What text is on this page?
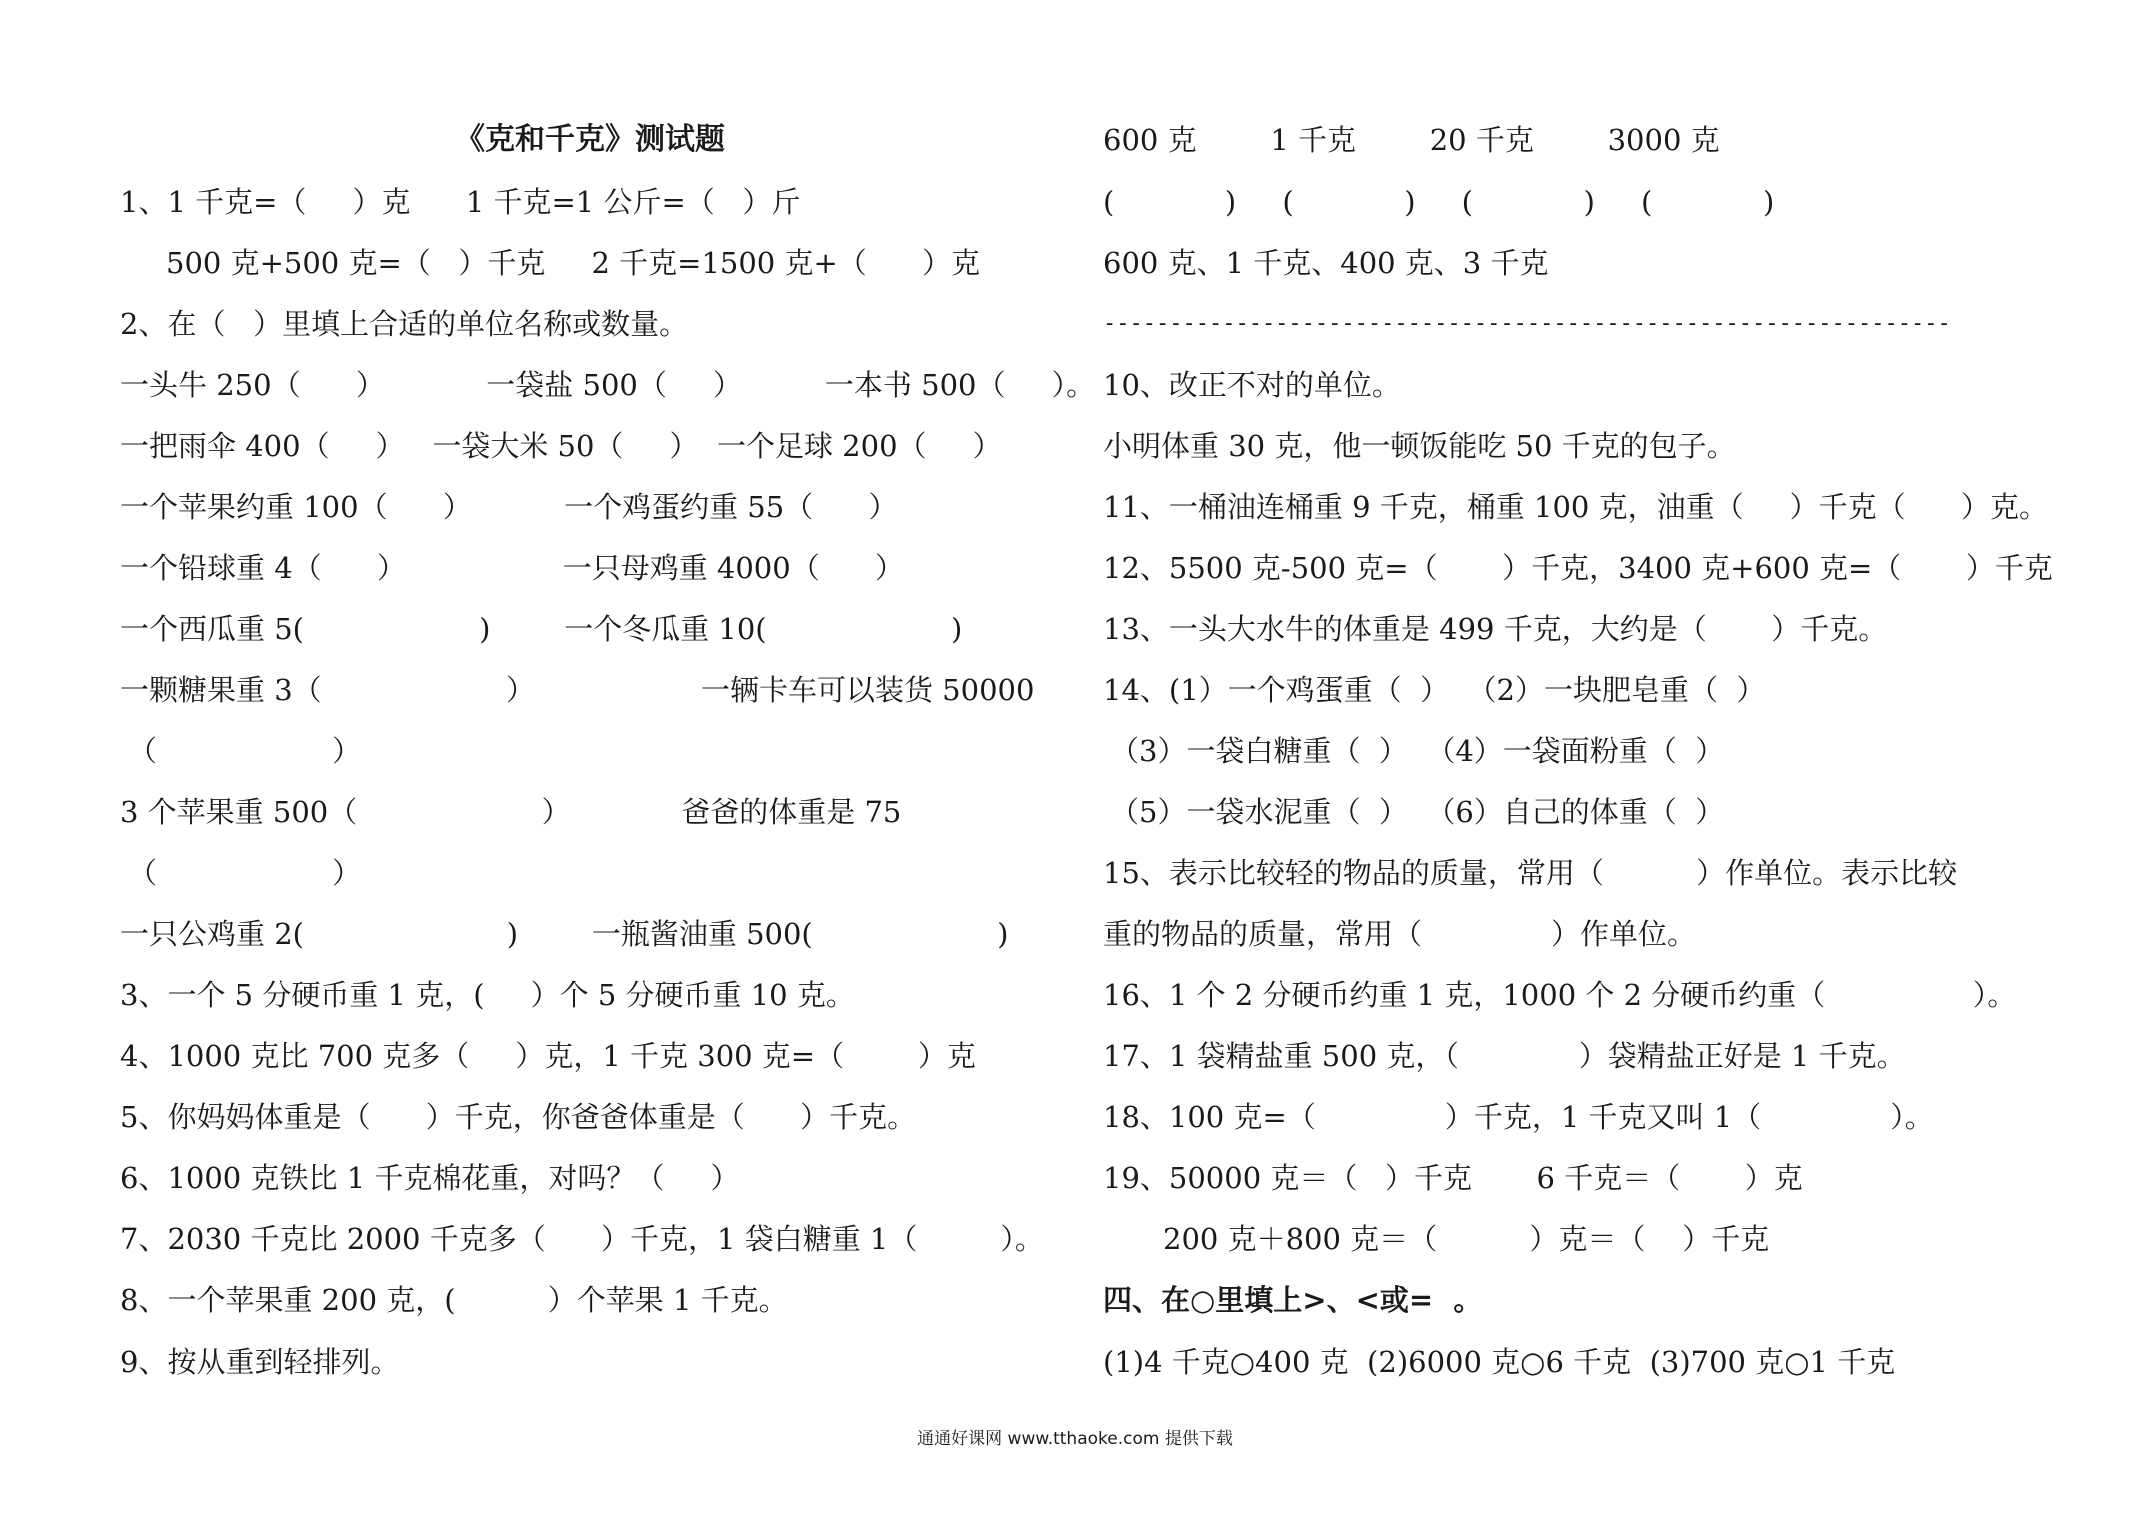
《克和千克》测试题
1、1 千克=（     ）克      1 千克=1 公斤=（   ）斤
500 克+500 克=（   ）千克     2 千克=1500 克+（      ）克
2、在（   ）里填上合适的单位名称或数量。
一头牛 250（      ）           一袋盐 500（     ）         一本书 500（     ）。
一把雨伞 400（     ）   一袋大米 50（     ）  一个足球 200（     ）
一个苹果约重 100（      ）          一个鸡蛋约重 55（      ）
一个铅球重 4（      ）                 一只母鸡重 4000（      ）
一个西瓜重 5(                   )        一个冬瓜重 10(                    )
一颗糖果重 3（                    ）                  一辆卡车可以装货 50000
（                   ）
3 个苹果重 500（                    ）            爸爸的体重是 75
（                   ）
一只公鸡重 2(                      )        一瓶酱油重 500(                    )
3、一个 5 分硬币重 1 克，(     ）个 5 分硬币重 10 克。
4、1000 克比 700 克多（     ）克，1 千克 300 克=（        ）克
5、你妈妈体重是（      ）千克，你爸爸体重是（      ）千克。
6、1000 克铁比 1 千克棉花重，对吗？（     ）
7、2030 千克比 2000 千克多（      ）千克，1 袋白糖重 1（         ）。
8、一个苹果重 200 克，(          ）个苹果 1 千克。
9、按从重到轻排列。
600 克        1 千克        20 千克        3000 克
(            )     (            )     (            )     (            )
600 克、1 千克、400 克、3 千克
----------------------------------------------------------------
10、改正不对的单位。
小明体重 30 克，他一顿饭能吃 50 千克的包子。
11、一桶油连桶重 9 千克，桶重 100 克，油重（     ）千克（      ）克。
12、5500 克-500 克=（       ）千克，3400 克+600 克=（       ）千克
13、一头大水牛的体重是 499 千克，大约是（       ）千克。
14、(1）一个鸡蛋重（  ）  （2）一块肥皂重（  ）
（3）一袋白糖重（  ）  （4）一袋面粉重（  ）
（5）一袋水泥重（  ）  （6）自己的体重（  ）
15、表示比较轻的物品的质量，常用（          ）作单位。表示比较
重的物品的质量，常用（              ）作单位。
16、1 个 2 分硬币约重 1 克，1000 个 2 分硬币约重（                ）。
17、1 袋精盐重 500 克，（             ）袋精盐正好是 1 千克。
18、100 克=（              ）千克，1 千克又叫 1（              ）。
19、50000 克＝（   ）千克       6 千克＝（       ）克
200 克＋800 克＝（          ）克＝（    ）千克
四、在○里填上>、<或=  。
(1)4 千克○400 克  (2)6000 克○6 千克  (3)700 克○1 千克
通通好课网 www.tthaoke.com 提供下载
